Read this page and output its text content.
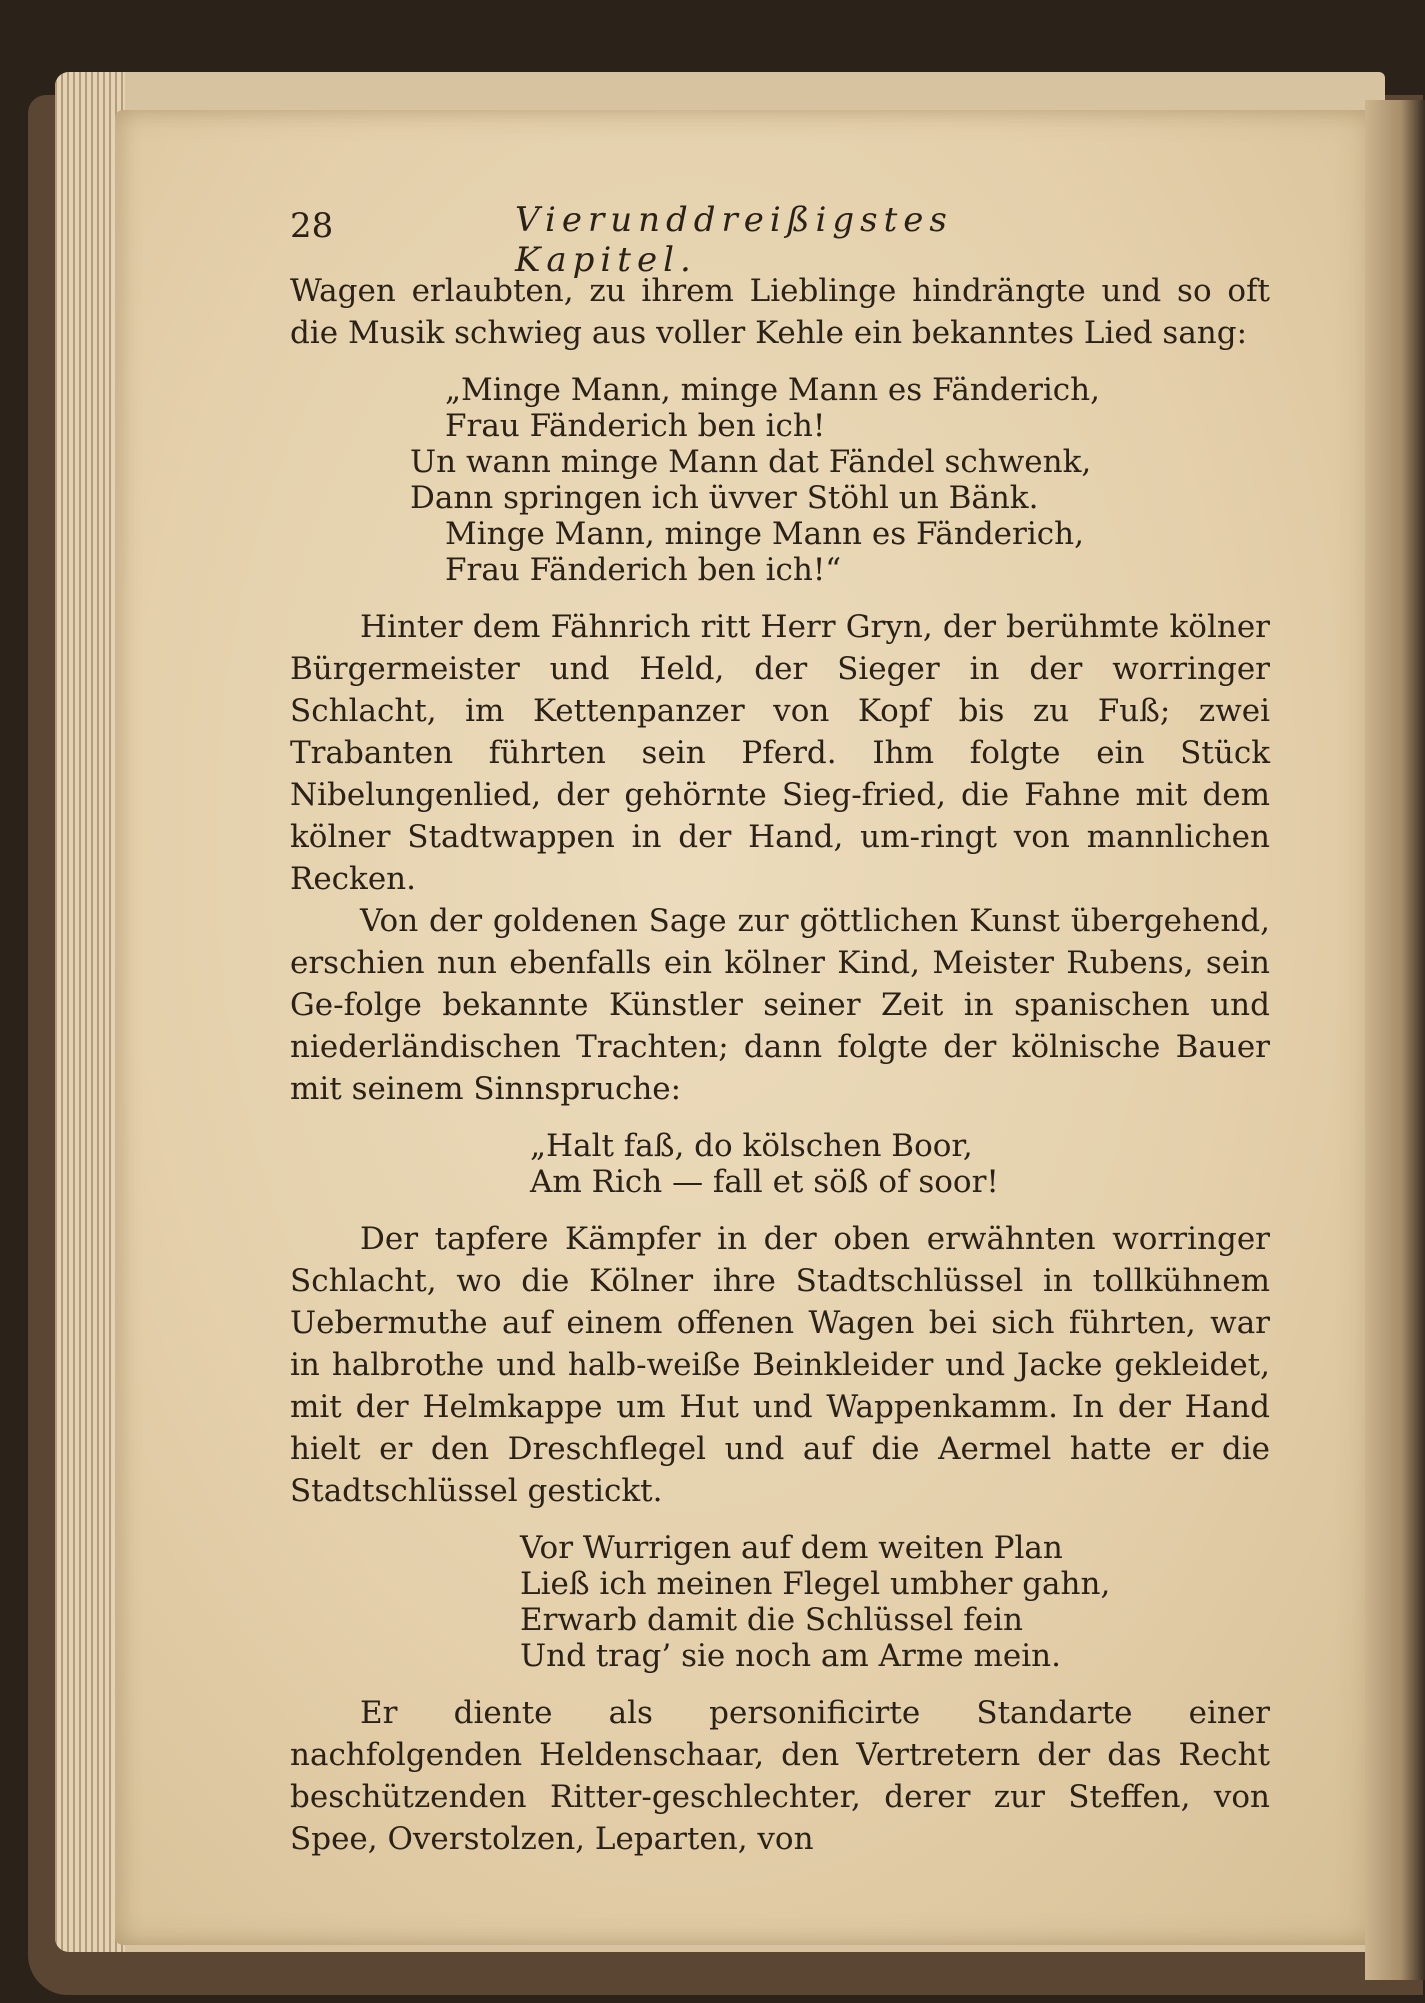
28	Vierunddreißigstes Kapitel.

Wagen erlaubten, zu ihrem Lieblinge hindrängte und so oft die Musik schwieg aus voller Kehle ein bekanntes Lied sang:

„Minge Mann, minge Mann es Fänderich,
Frau Fänderich ben ich!
Un wann minge Mann dat Fändel schwenk,
Dann springen ich üvver Stöhl un Bänk.
Minge Mann, minge Mann es Fänderich,
Frau Fänderich ben ich!“

Hinter dem Fähnrich ritt Herr Gryn, der berühmte kölner Bürgermeister und Held, der Sieger in der worringer Schlacht, im Kettenpanzer von Kopf bis zu Fuß; zwei Trabanten führten sein Pferd. Ihm folgte ein Stück Nibelungenlied, der gehörnte Sieg-fried, die Fahne mit dem kölner Stadtwappen in der Hand, um-ringt von mannlichen Recken.

Von der goldenen Sage zur göttlichen Kunst übergehend, erschien nun ebenfalls ein kölner Kind, Meister Rubens, sein Ge-folge bekannte Künstler seiner Zeit in spanischen und niederländischen Trachten; dann folgte der kölnische Bauer mit seinem Sinnspruche:

„Halt faß, do kölschen Boor,
Am Rich — fall et söß of soor!

Der tapfere Kämpfer in der oben erwähnten worringer Schlacht, wo die Kölner ihre Stadtschlüssel in tollkühnem Uebermuthe auf einem offenen Wagen bei sich führten, war in halbrothe und halb-weiße Beinkleider und Jacke gekleidet, mit der Helmkappe um Hut und Wappenkamm. In der Hand hielt er den Dreschflegel und auf die Aermel hatte er die Stadtschlüssel gestickt.

Vor Wurrigen auf dem weiten Plan
Ließ ich meinen Flegel umbher gahn,
Erwarb damit die Schlüssel fein
Und trag’ sie noch am Arme mein.

Er diente als personificirte Standarte einer nachfolgenden Heldenschaar, den Vertretern der das Recht beschützenden Ritter-geschlechter, derer zur Steffen, von Spee, Overstolzen, Leparten, von
